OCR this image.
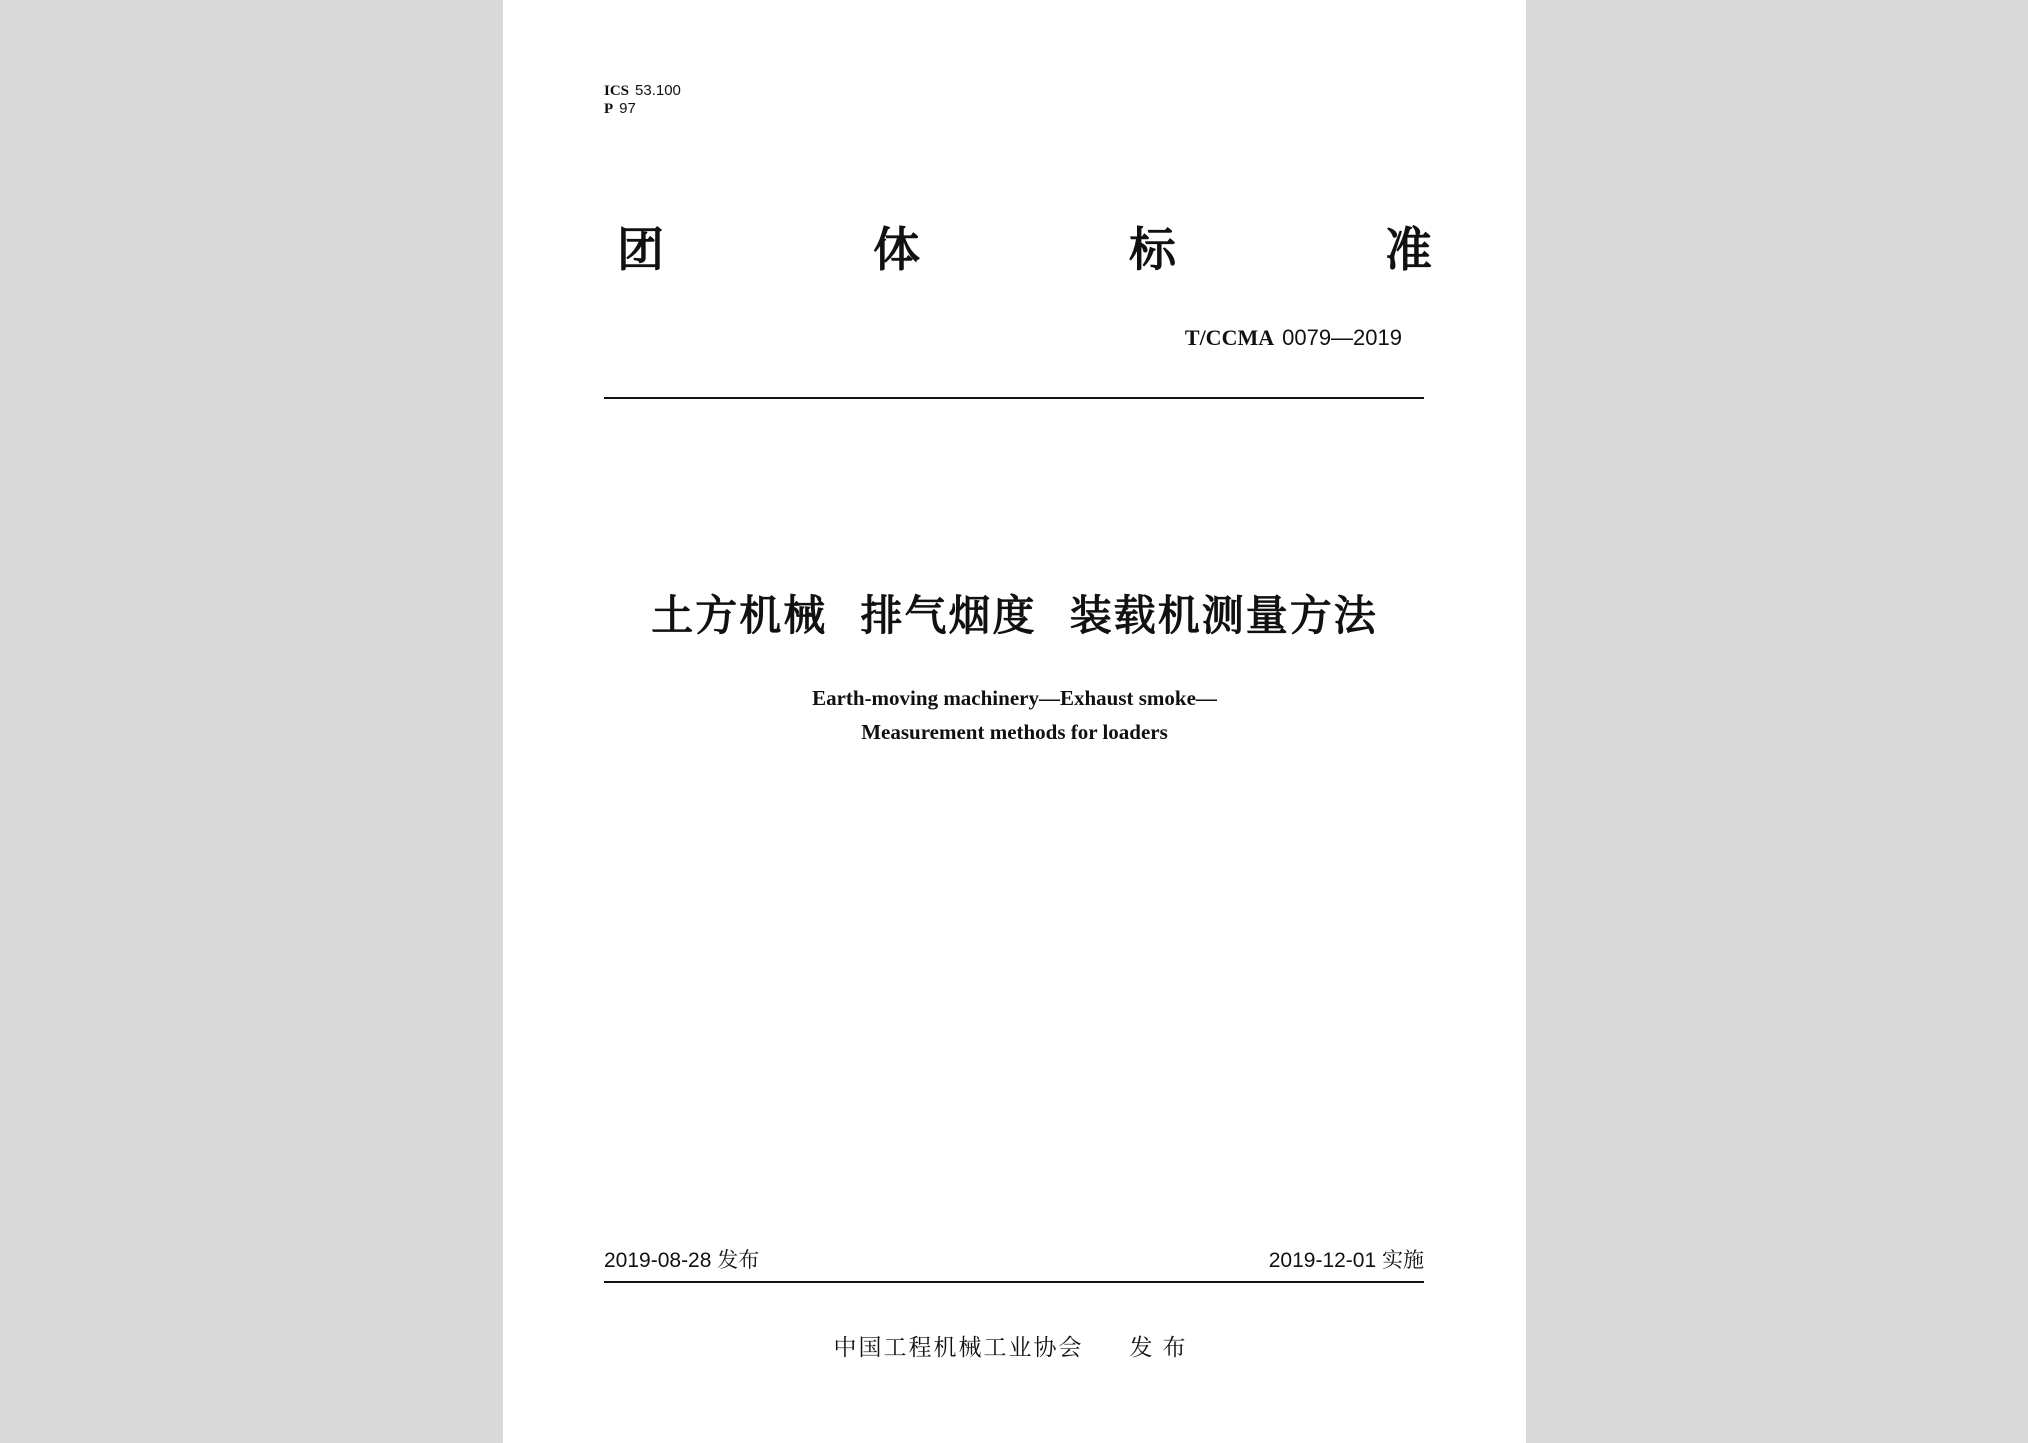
ICS 53.100
P 97
团	体	标	准
T/CCMA 0079—2019
土方机械  排气烟度  装载机测量方法
Earth-moving machinery—Exhaust smoke—
Measurement methods for loaders
2019-08-28 发布	2019-12-01 实施
中国工程机械工业协会 发布
